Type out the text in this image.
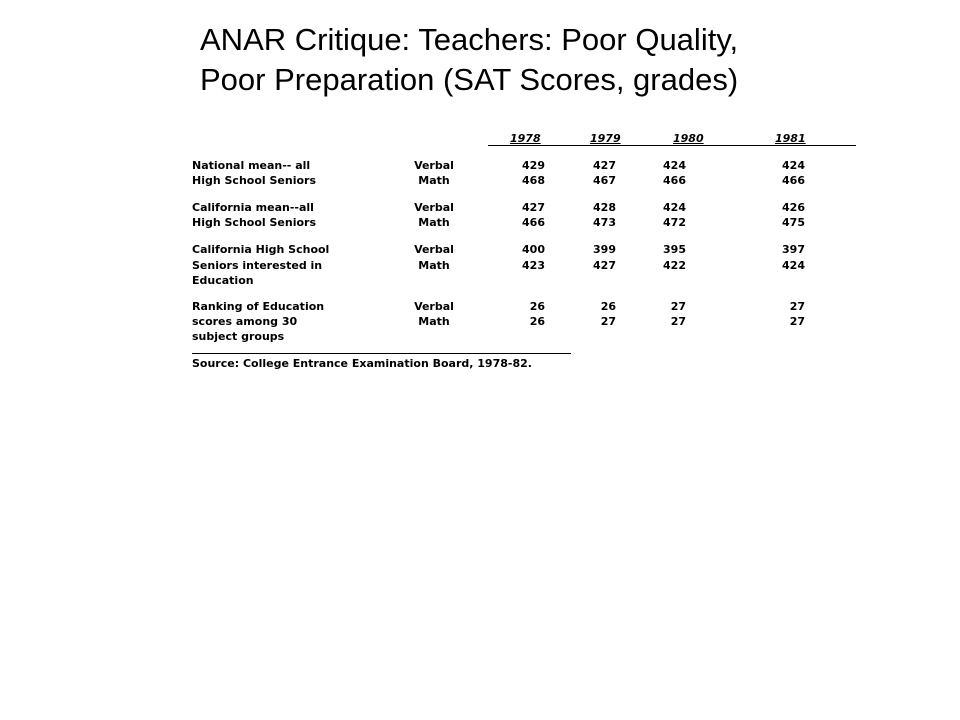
ANAR Critique: Teachers: Poor Quality,
Poor Preparation (SAT Scores, grades)
1978	1979	1980	1981
National mean-- all
High School Seniors
Verbal	429	427	424	424
Math	468	467	466	466
California mean--all
High School Seniors
Verbal	427	428	424	426
Math	466	473	472	475
California High School
Seniors interested in
Education
Verbal	400	399	395	397
Math	423	427	422	424
Ranking of Education
scores among 30
subject groups
Verbal	26	26	27	27
Math	26	27	27	27
Source: College Entrance Examination Board, 1978-82.
